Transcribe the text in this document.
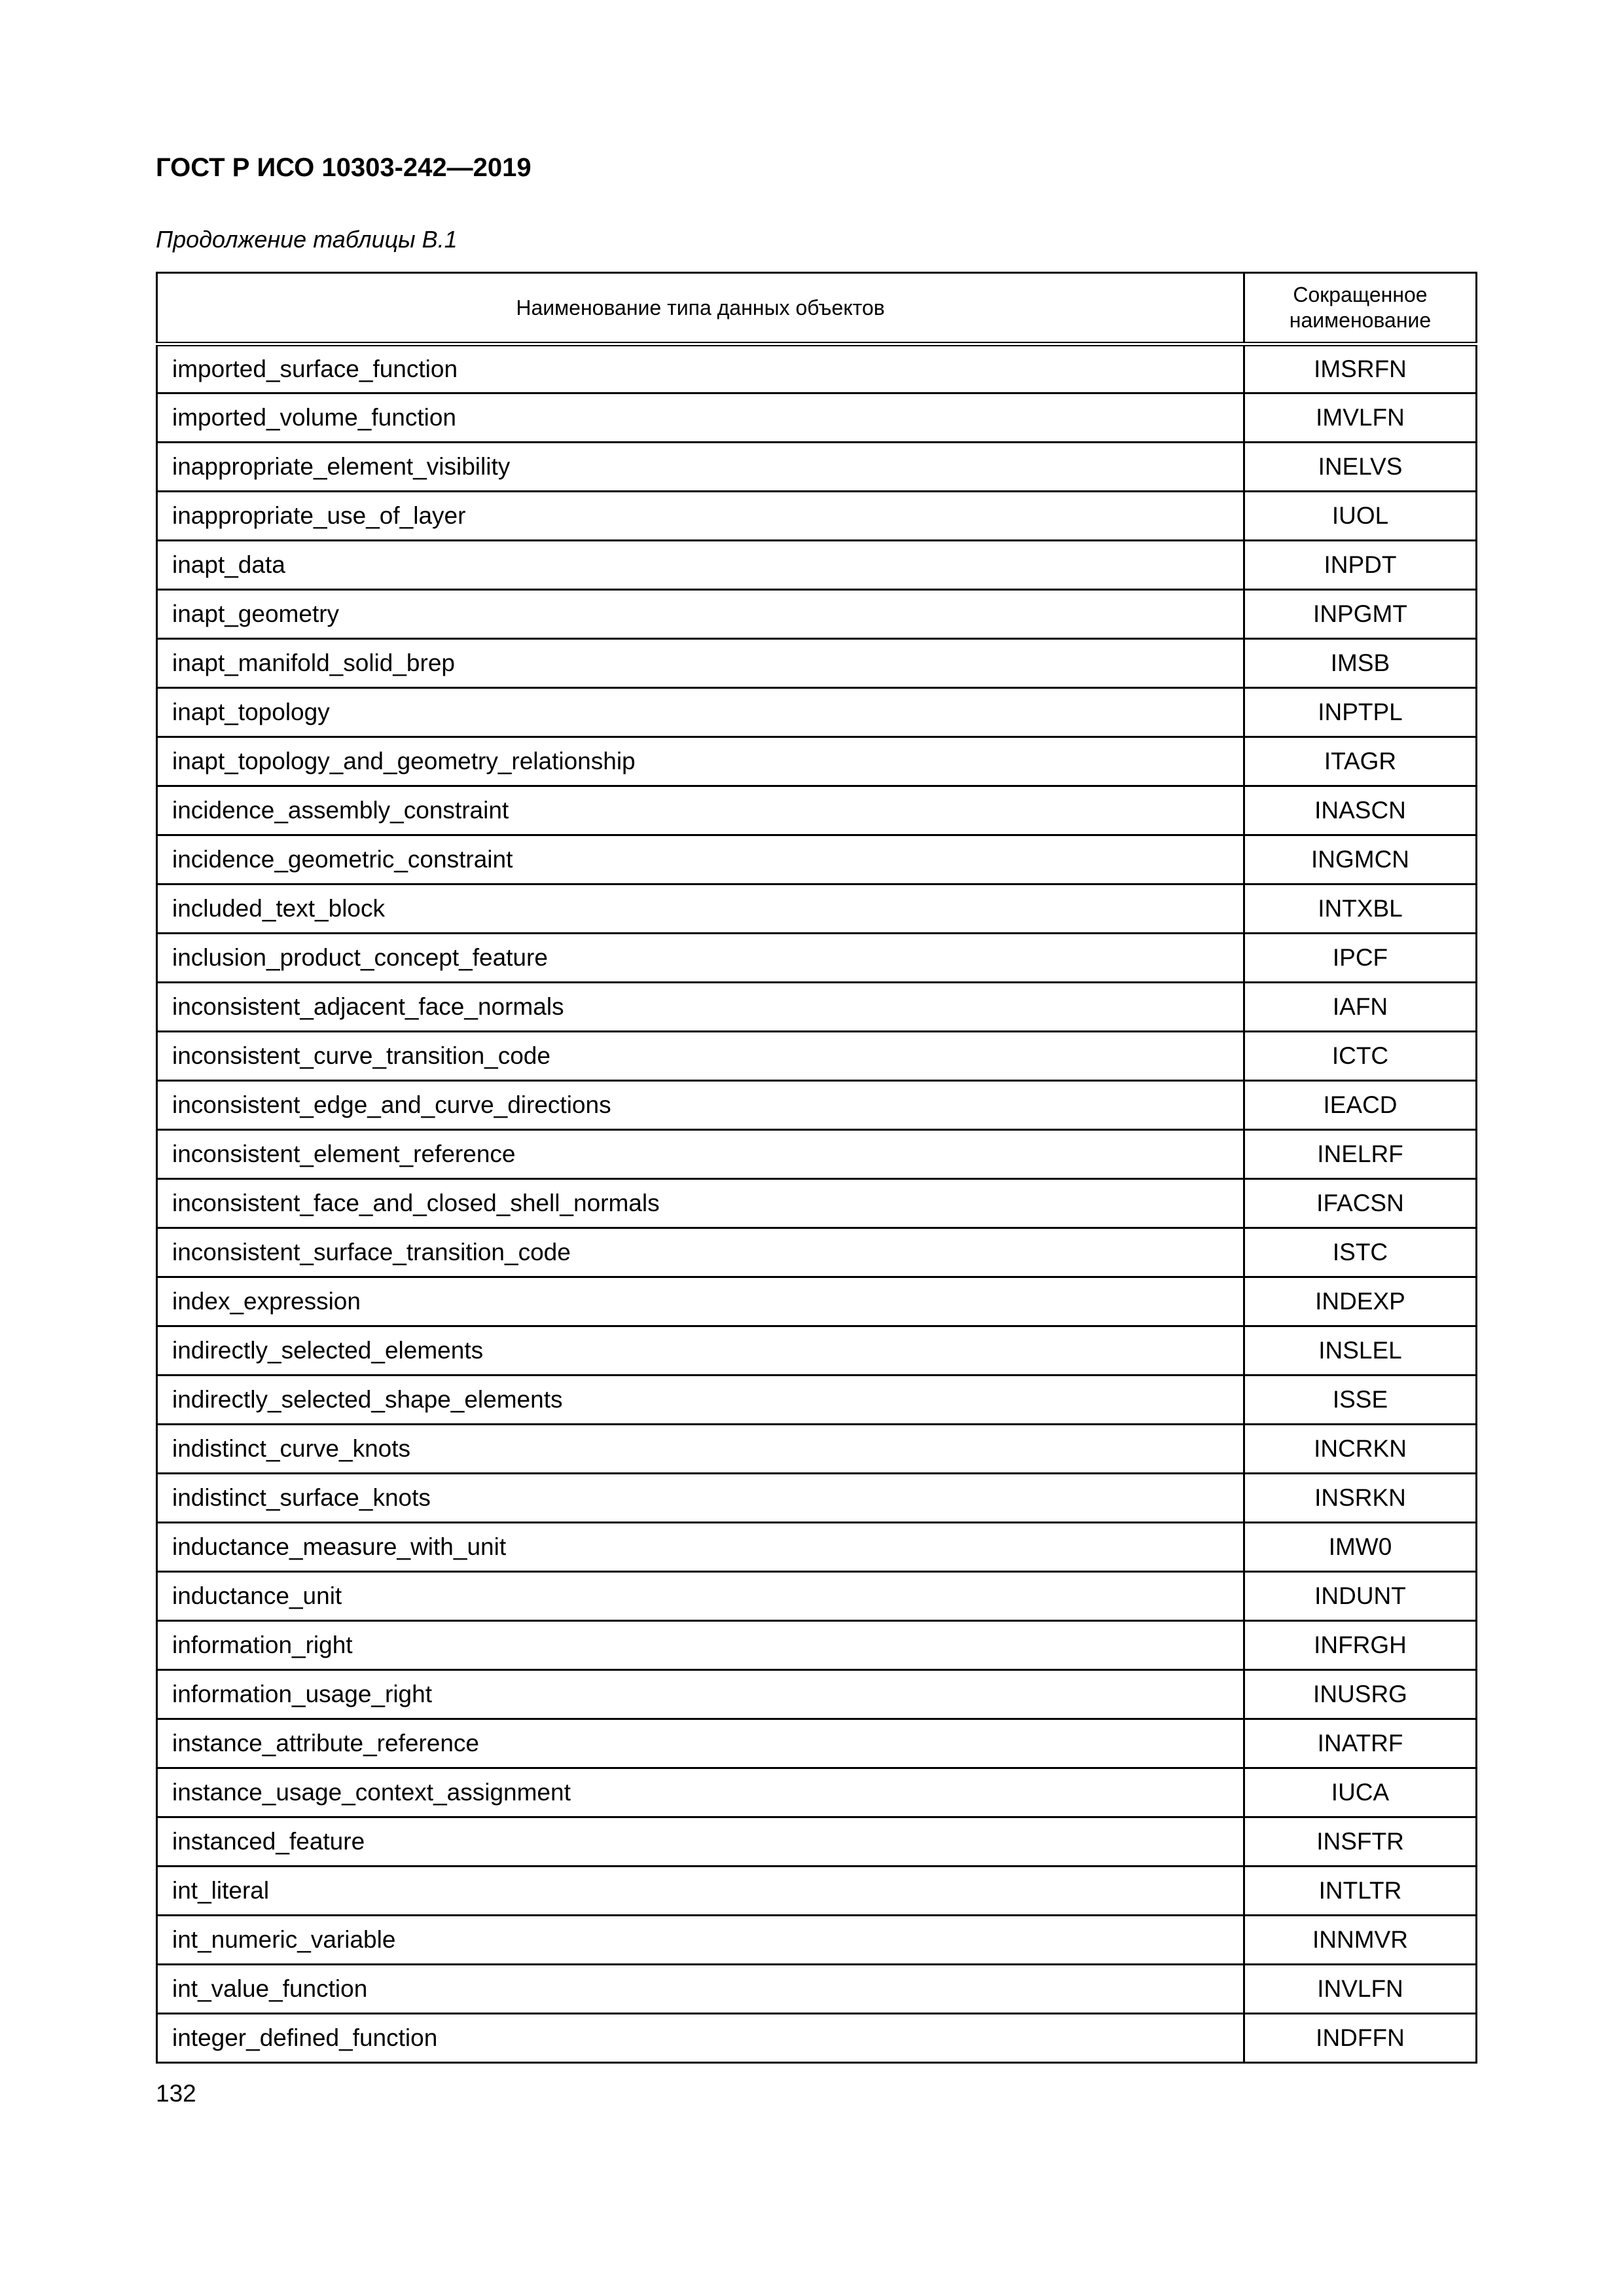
ГОСТ Р ИСО 10303-242—2019
Продолжение таблицы В.1
Наименование типа данных объектов	Сокращенное
наименование
imported_surface_function	IMSRFN
imported_volume_function	IMVLFN
inappropriate_element_visibility	INELVS
inappropriate_use_of_layer	IUOL
inapt_data	INPDT
inapt_geometry	INPGMT
inapt_manifold_solid_brep	IMSB
inapt_topology	INPTPL
inapt_topology_and_geometry_relationship	ITAGR
incidence_assembly_constraint	INASCN
incidence_geometric_constraint	INGMCN
included_text_block	INTXBL
inclusion_product_concept_feature	IPCF
inconsistent_adjacent_face_normals	IAFN
inconsistent_curve_transition_code	ICTC
inconsistent_edge_and_curve_directions	IEACD
inconsistent_element_reference	INELRF
inconsistent_face_and_closed_shell_normals	IFACSN
inconsistent_surface_transition_code	ISTC
index_expression	INDEXP
indirectly_selected_elements	INSLEL
indirectly_selected_shape_elements	ISSE
indistinct_curve_knots	INCRKN
indistinct_surface_knots	INSRKN
inductance_measure_with_unit	IMW0
inductance_unit	INDUNT
information_right	INFRGH
information_usage_right	INUSRG
instance_attribute_reference	INATRF
instance_usage_context_assignment	IUCA
instanced_feature	INSFTR
int_literal	INTLTR
int_numeric_variable	INNMVR
int_value_function	INVLFN
integer_defined_function	INDFFN
132
